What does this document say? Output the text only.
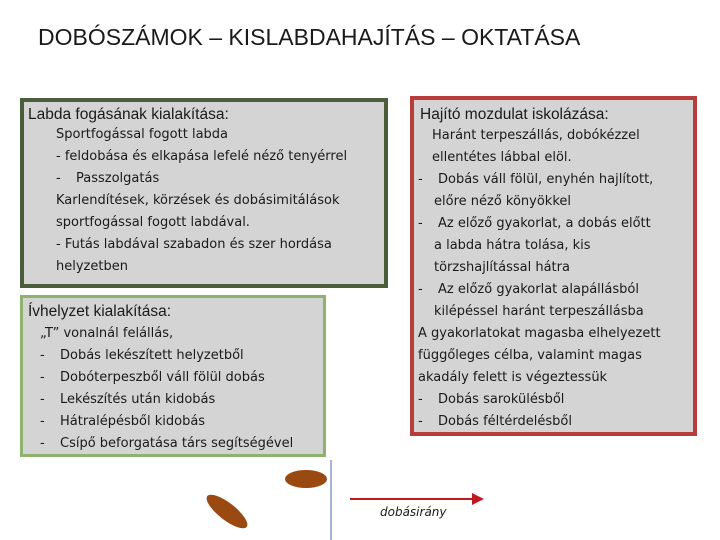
DOBÓSZÁMOK – KISLABDAHAJÍTÁS – OKTATÁSA
Labda fogásának kialakítása:
Sportfogással fogott labda
- feldobása és elkapása lefelé néző tenyérrel
- Passzolgatás
Karlendítések, körzések és dobásimitálások
sportfogással fogott labdával.
- Futás labdával szabadon és szer hordása
helyzetben
Ívhelyzet kialakítása:
„T” vonalnál felállás,
- Dobás lekészített helyzetből
- Dobóterpeszből váll fölül dobás
- Lekészítés után kidobás
- Hátralépésből kidobás
- Csípő beforgatása társ segítségével
Hajító mozdulat iskolázása:
Haránt terpeszállás, dobókézzel
ellentétes lábbal elöl.
- Dobás váll fölül, enyhén hajlított,
előre néző könyökkel
- Az előző gyakorlat, a dobás előtt
a labda hátra tolása, kis
törzshajlítással hátra
- Az előző gyakorlat alapállásból
kilépéssel haránt terpeszállásba
A gyakorlatokat magasba elhelyezett
függőleges célba, valamint magas
akadály felett is végeztessük
- Dobás sarokülésből
- Dobás féltérdelésből
dobásirány
